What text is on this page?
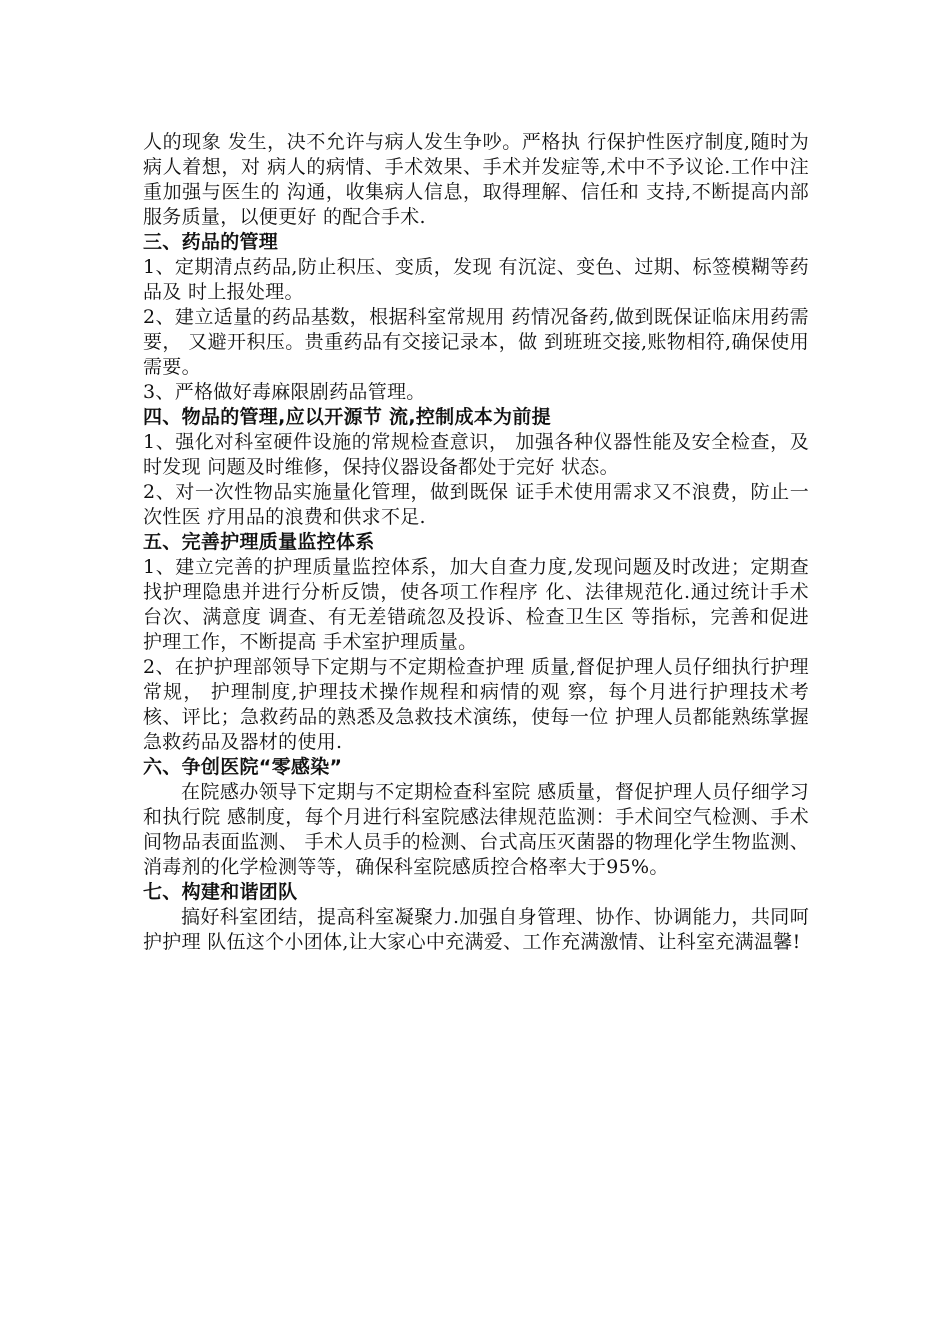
人的现象 发生，决不允许与病人发生争吵。严格执 行保护性医疗制度,随时为病人着想，对 病人的病情、手术效果、手术并发症等,术中不予议论.工作中注重加强与医生的 沟通，收集病人信息，取得理解、信任和 支持,不断提高内部服务质量，以便更好 的配合手术.

三、药品的管理

1、定期清点药品,防止积压、变质，发现 有沉淀、变色、过期、标签模糊等药品及 时上报处理。

2、建立适量的药品基数，根据科室常规用 药情况备药,做到既保证临床用药需要， 又避开积压。贵重药品有交接记录本，做 到班班交接,账物相符,确保使用需要。

3、严格做好毒麻限剧药品管理。

四、物品的管理,应以开源节 流,控制成本为前提

1、强化对科室硬件设施的常规检查意识， 加强各种仪器性能及安全检查，及时发现 问题及时维修，保持仪器设备都处于完好 状态。

2、对一次性物品实施量化管理，做到既保 证手术使用需求又不浪费，防止一次性医 疗用品的浪费和供求不足.

五、完善护理质量监控体系

1、建立完善的护理质量监控体系，加大自查力度,发现问题及时改进；定期查找护理隐患并进行分析反馈，使各项工作程序 化、法律规范化.通过统计手术台次、满意度 调查、有无差错疏忽及投诉、检查卫生区 等指标，完善和促进护理工作，不断提高 手术室护理质量。

2、在护护理部领导下定期与不定期检查护理 质量,督促护理人员仔细执行护理常规， 护理制度,护理技术操作规程和病情的观 察，每个月进行护理技术考核、评比；急救药品的熟悉及急救技术演练，使每一位 护理人员都能熟练掌握急救药品及器材的使用.

六、争创医院“零感染”

在院感办领导下定期与不定期检查科室院 感质量，督促护理人员仔细学习和执行院 感制度，每个月进行科室院感法律规范监测：手术间空气检测、手术间物品表面监测、 手术人员手的检测、台式高压灭菌器的物理化学生物监测、消毒剂的化学检测等等，确保科室院感质控合格率大于95%。

七、构建和谐团队

搞好科室团结，提高科室凝聚力.加强自身管理、协作、协调能力，共同呵护护理 队伍这个小团体,让大家心中充满爱、工作充满激情、让科室充满温馨!
